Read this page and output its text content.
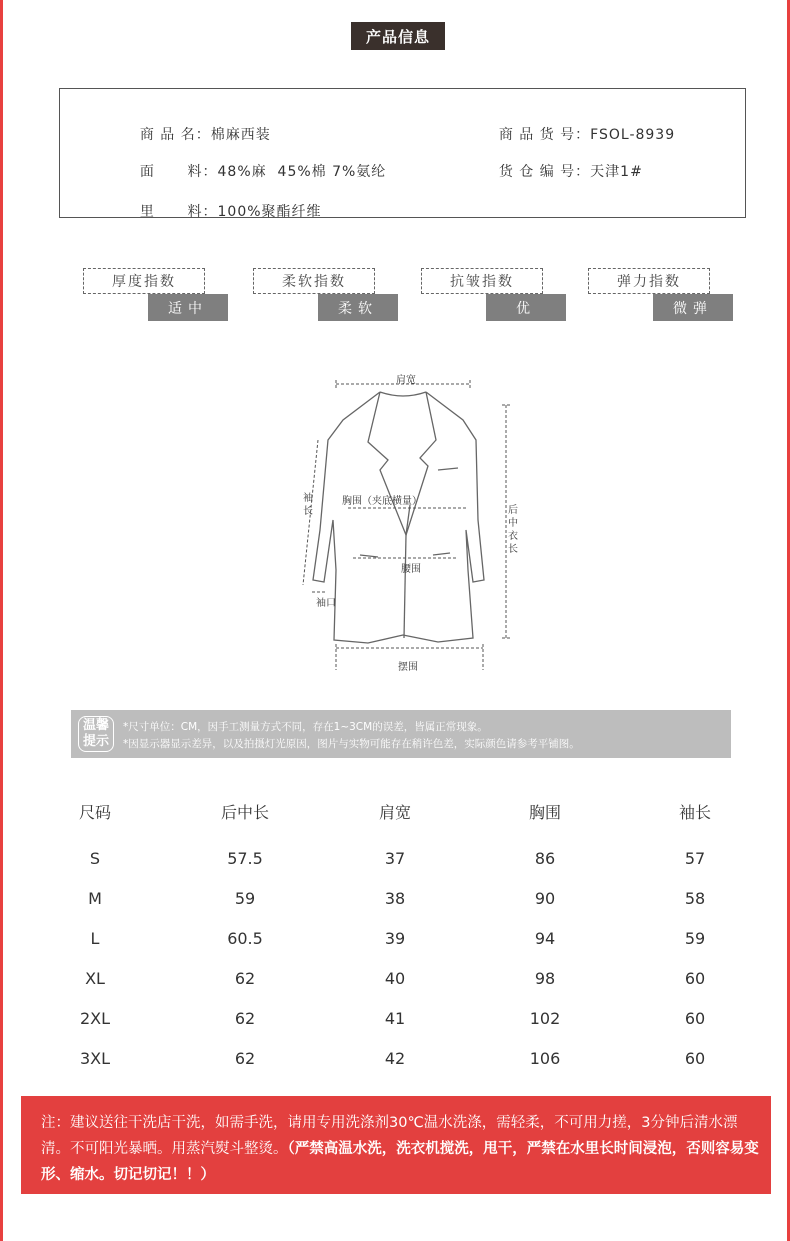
产品信息

商 品 名：棉麻西装
	商 品 货 号：FSOL-8939

面      料：48%麻  45%棉 7%氨纶
	货 仓 编 号：天津1#

里      料：100%聚酯纤维

厚度指数
适中
柔软指数
柔软
抗皱指数
优
弹力指数
微弹
肩宽
袖
长	后
中
衣
长
胸围（夹底横量）
腰围
袖口
摆围
温馨
提示
*尺寸单位：CM，因手工测量方式不同，存在1~3CM的误差，皆属正常现象。
*因显示器显示差异，以及拍摄灯光原因，图片与实物可能存在稍许色差，实际颜色请参考平铺图。
尺码	后中长	肩宽	胸围	袖长
S	57.5	37	86	57
M	59	38	90	58
L	60.5	39	94	59
XL	62	40	98	60
2XL	62	41	102	60
3XL	62	42	106	60
注：建议送往干洗店干洗，如需手洗，请用专用洗涤剂30℃温水洗涤，需轻柔，不可用力搓，3分钟后清水漂清。不可阳光暴晒。用蒸汽熨斗整烫。（严禁高温水洗，洗衣机搅洗，甩干，严禁在水里长时间浸泡，否则容易变形、缩水。切记切记！！）
